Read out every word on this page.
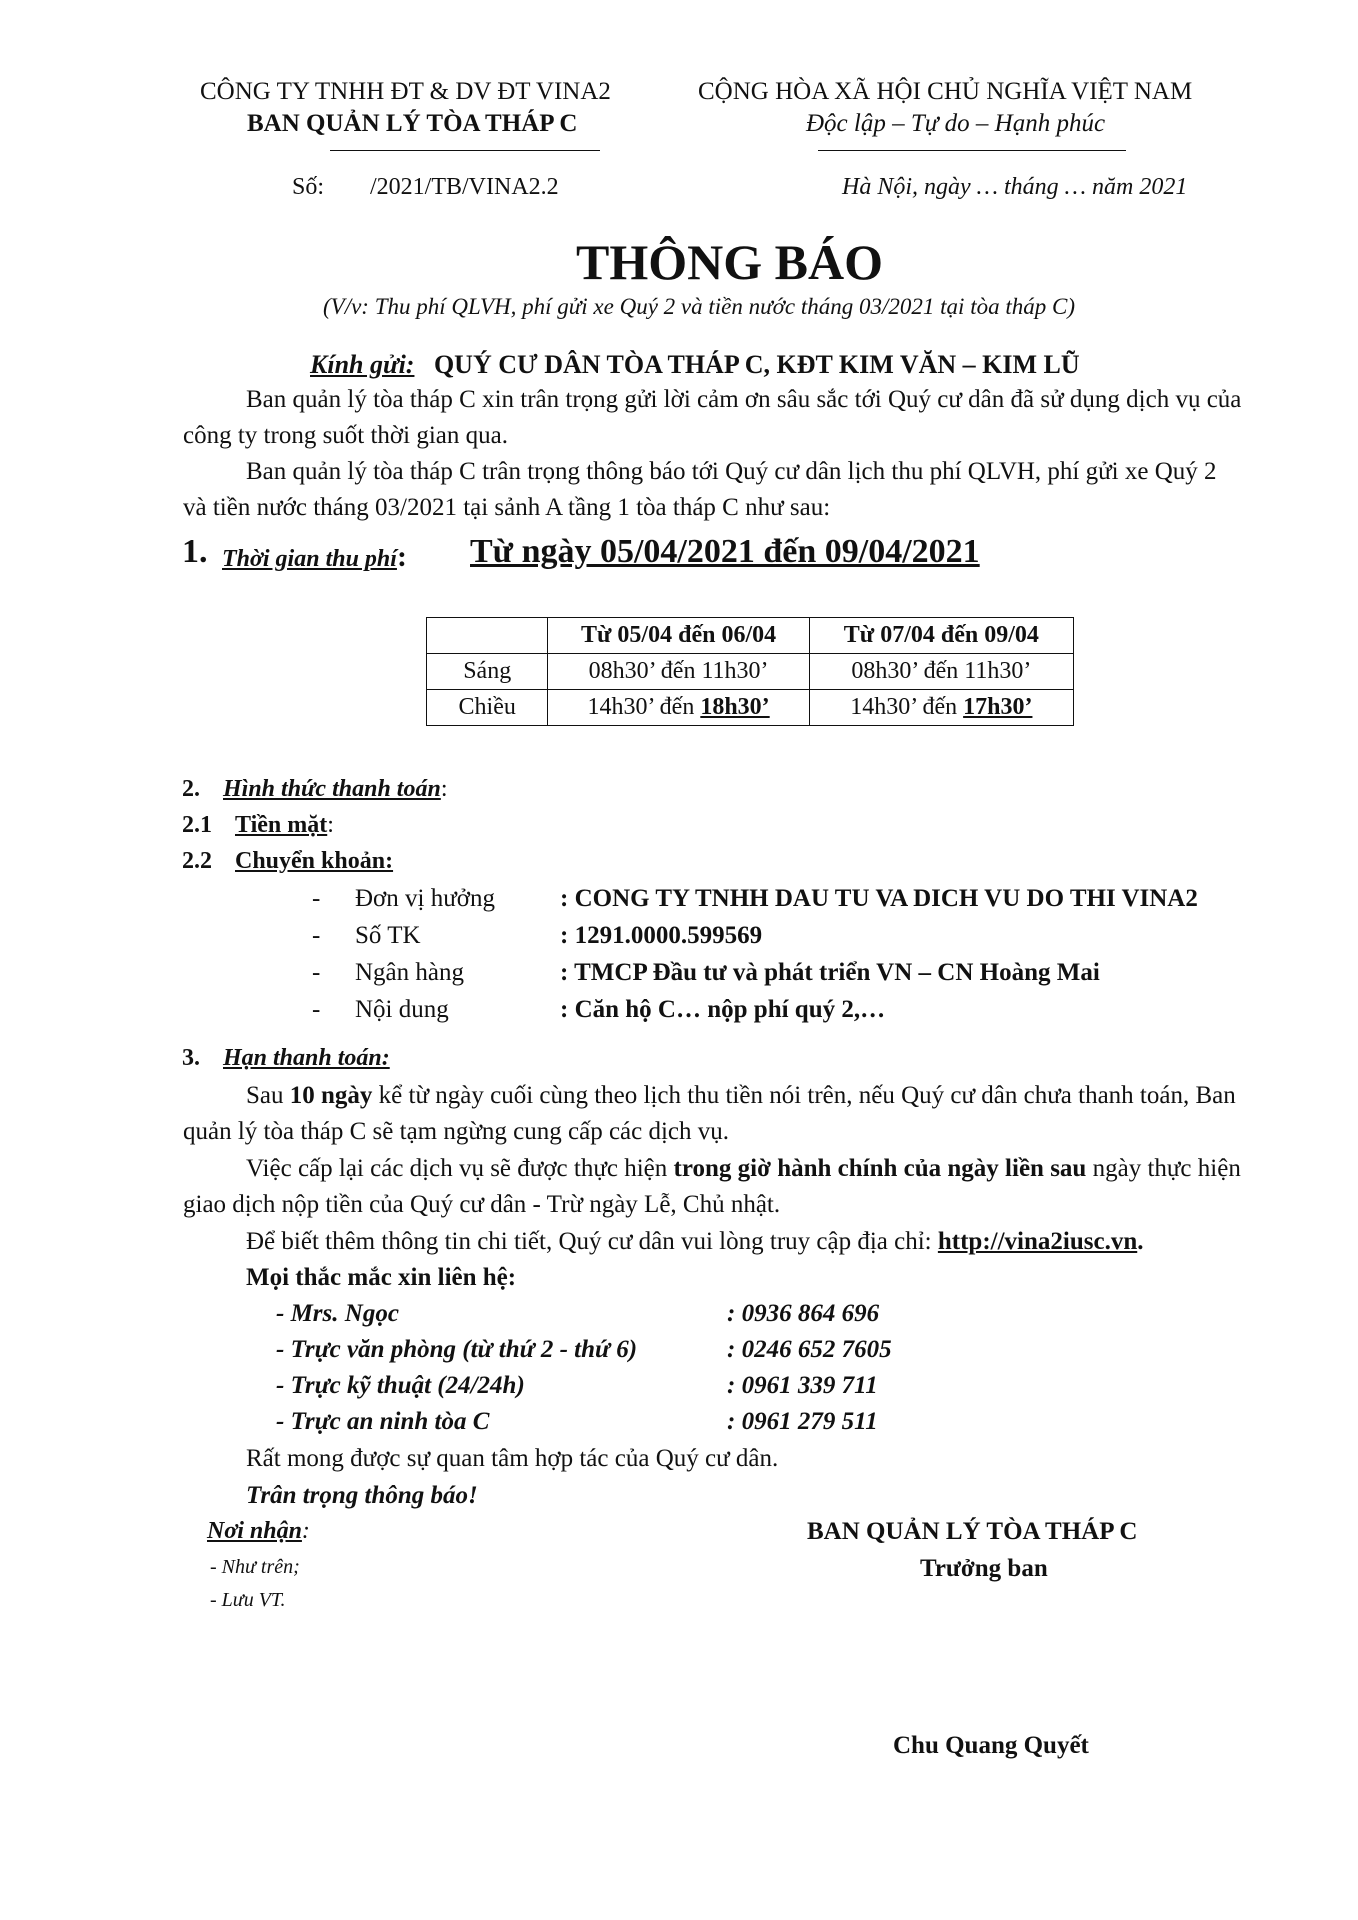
CÔNG TY TNHH ĐT & DV ĐT VINA2
BAN QUẢN LÝ TÒA THÁP C
CỘNG HÒA XÃ HỘI CHỦ NGHĨA VIỆT NAM
Độc lập – Tự do – Hạnh phúc
Số: /2021/TB/VINA2.2	Hà Nội, ngày … tháng … năm 2021
THÔNG BÁO
(V/v: Thu phí QLVH, phí gửi xe Quý 2 và tiền nước tháng 03/2021 tại tòa tháp C)
Kính gửi: QUÝ CƯ DÂN TÒA THÁP C, KĐT KIM VĂN – KIM LŨ
Ban quản lý tòa tháp C xin trân trọng gửi lời cảm ơn sâu sắc tới Quý cư dân đã sử dụng dịch vụ của
công ty trong suốt thời gian qua.
Ban quản lý tòa tháp C trân trọng thông báo tới Quý cư dân lịch thu phí QLVH, phí gửi xe Quý 2
và tiền nước tháng 03/2021 tại sảnh A tầng 1 tòa tháp C như sau:
1. Thời gian thu phí: Từ ngày 05/04/2021 đến 09/04/2021
	Từ 05/04 đến 06/04	Từ 07/04 đến 09/04
Sáng	08h30’ đến 11h30’	08h30’ đến 11h30’
Chiều	14h30’ đến 18h30’	14h30’ đến 17h30’
2. Hình thức thanh toán:
2.1 Tiền mặt:
2.2 Chuyển khoản:
- Đơn vị hưởng	: CONG TY TNHH DAU TU VA DICH VU DO THI VINA2
- Số TK	: 1291.0000.599569
- Ngân hàng	: TMCP Đầu tư và phát triển VN – CN Hoàng Mai
- Nội dung	: Căn hộ C… nộp phí quý 2,…
3. Hạn thanh toán:
Sau 10 ngày kể từ ngày cuối cùng theo lịch thu tiền nói trên, nếu Quý cư dân chưa thanh toán, Ban
quản lý tòa tháp C sẽ tạm ngừng cung cấp các dịch vụ.
Việc cấp lại các dịch vụ sẽ được thực hiện trong giờ hành chính của ngày liền sau ngày thực hiện
giao dịch nộp tiền của Quý cư dân - Trừ ngày Lễ, Chủ nhật.
Để biết thêm thông tin chi tiết, Quý cư dân vui lòng truy cập địa chỉ: http://vina2iusc.vn.
Mọi thắc mắc xin liên hệ:
- Mrs. Ngọc	: 0936 864 696
- Trực văn phòng (từ thứ 2 - thứ 6)	: 0246 652 7605
- Trực kỹ thuật (24/24h)	: 0961 339 711
- Trực an ninh tòa C	: 0961 279 511
Rất mong được sự quan tâm hợp tác của Quý cư dân.
Trân trọng thông báo!
Nơi nhận:
- Như trên;
- Lưu VT.
BAN QUẢN LÝ TÒA THÁP C
Trưởng ban
Chu Quang Quyết
